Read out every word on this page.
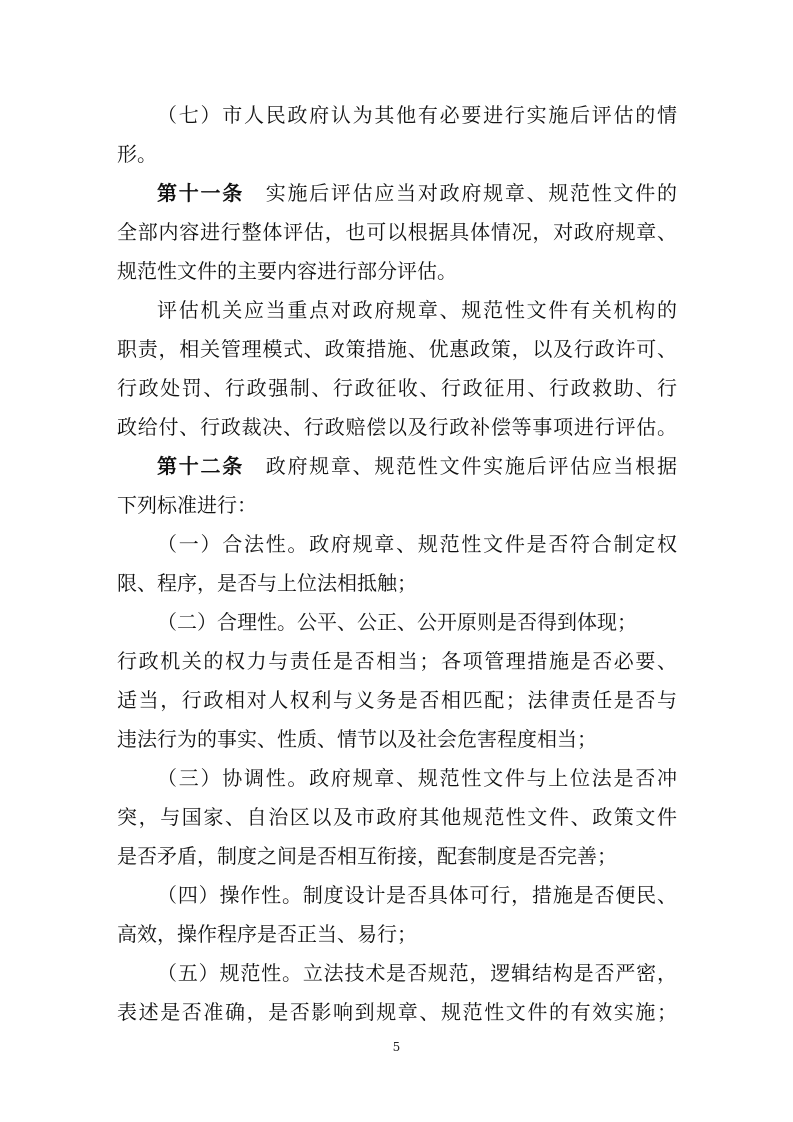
（七）市人民政府认为其他有必要进行实施后评估的情
形。
第十一条　实施后评估应当对政府规章、规范性文件的
全部内容进行整体评估，也可以根据具体情况，对政府规章、
规范性文件的主要内容进行部分评估。
评估机关应当重点对政府规章、规范性文件有关机构的
职责，相关管理模式、政策措施、优惠政策，以及行政许可、
行政处罚、行政强制、行政征收、行政征用、行政救助、行
政给付、行政裁决、行政赔偿以及行政补偿等事项进行评估。
第十二条　政府规章、规范性文件实施后评估应当根据
下列标准进行：
（一）合法性。政府规章、规范性文件是否符合制定权
限、程序，是否与上位法相抵触；
（二）合理性。公平、公正、公开原则是否得到体现；
行政机关的权力与责任是否相当；各项管理措施是否必要、
适当，行政相对人权利与义务是否相匹配；法律责任是否与
违法行为的事实、性质、情节以及社会危害程度相当；
（三）协调性。政府规章、规范性文件与上位法是否冲
突，与国家、自治区以及市政府其他规范性文件、政策文件
是否矛盾，制度之间是否相互衔接，配套制度是否完善；
（四）操作性。制度设计是否具体可行，措施是否便民、
高效，操作程序是否正当、易行；
（五）规范性。立法技术是否规范，逻辑结构是否严密，
表述是否准确，是否影响到规章、规范性文件的有效实施；
5
